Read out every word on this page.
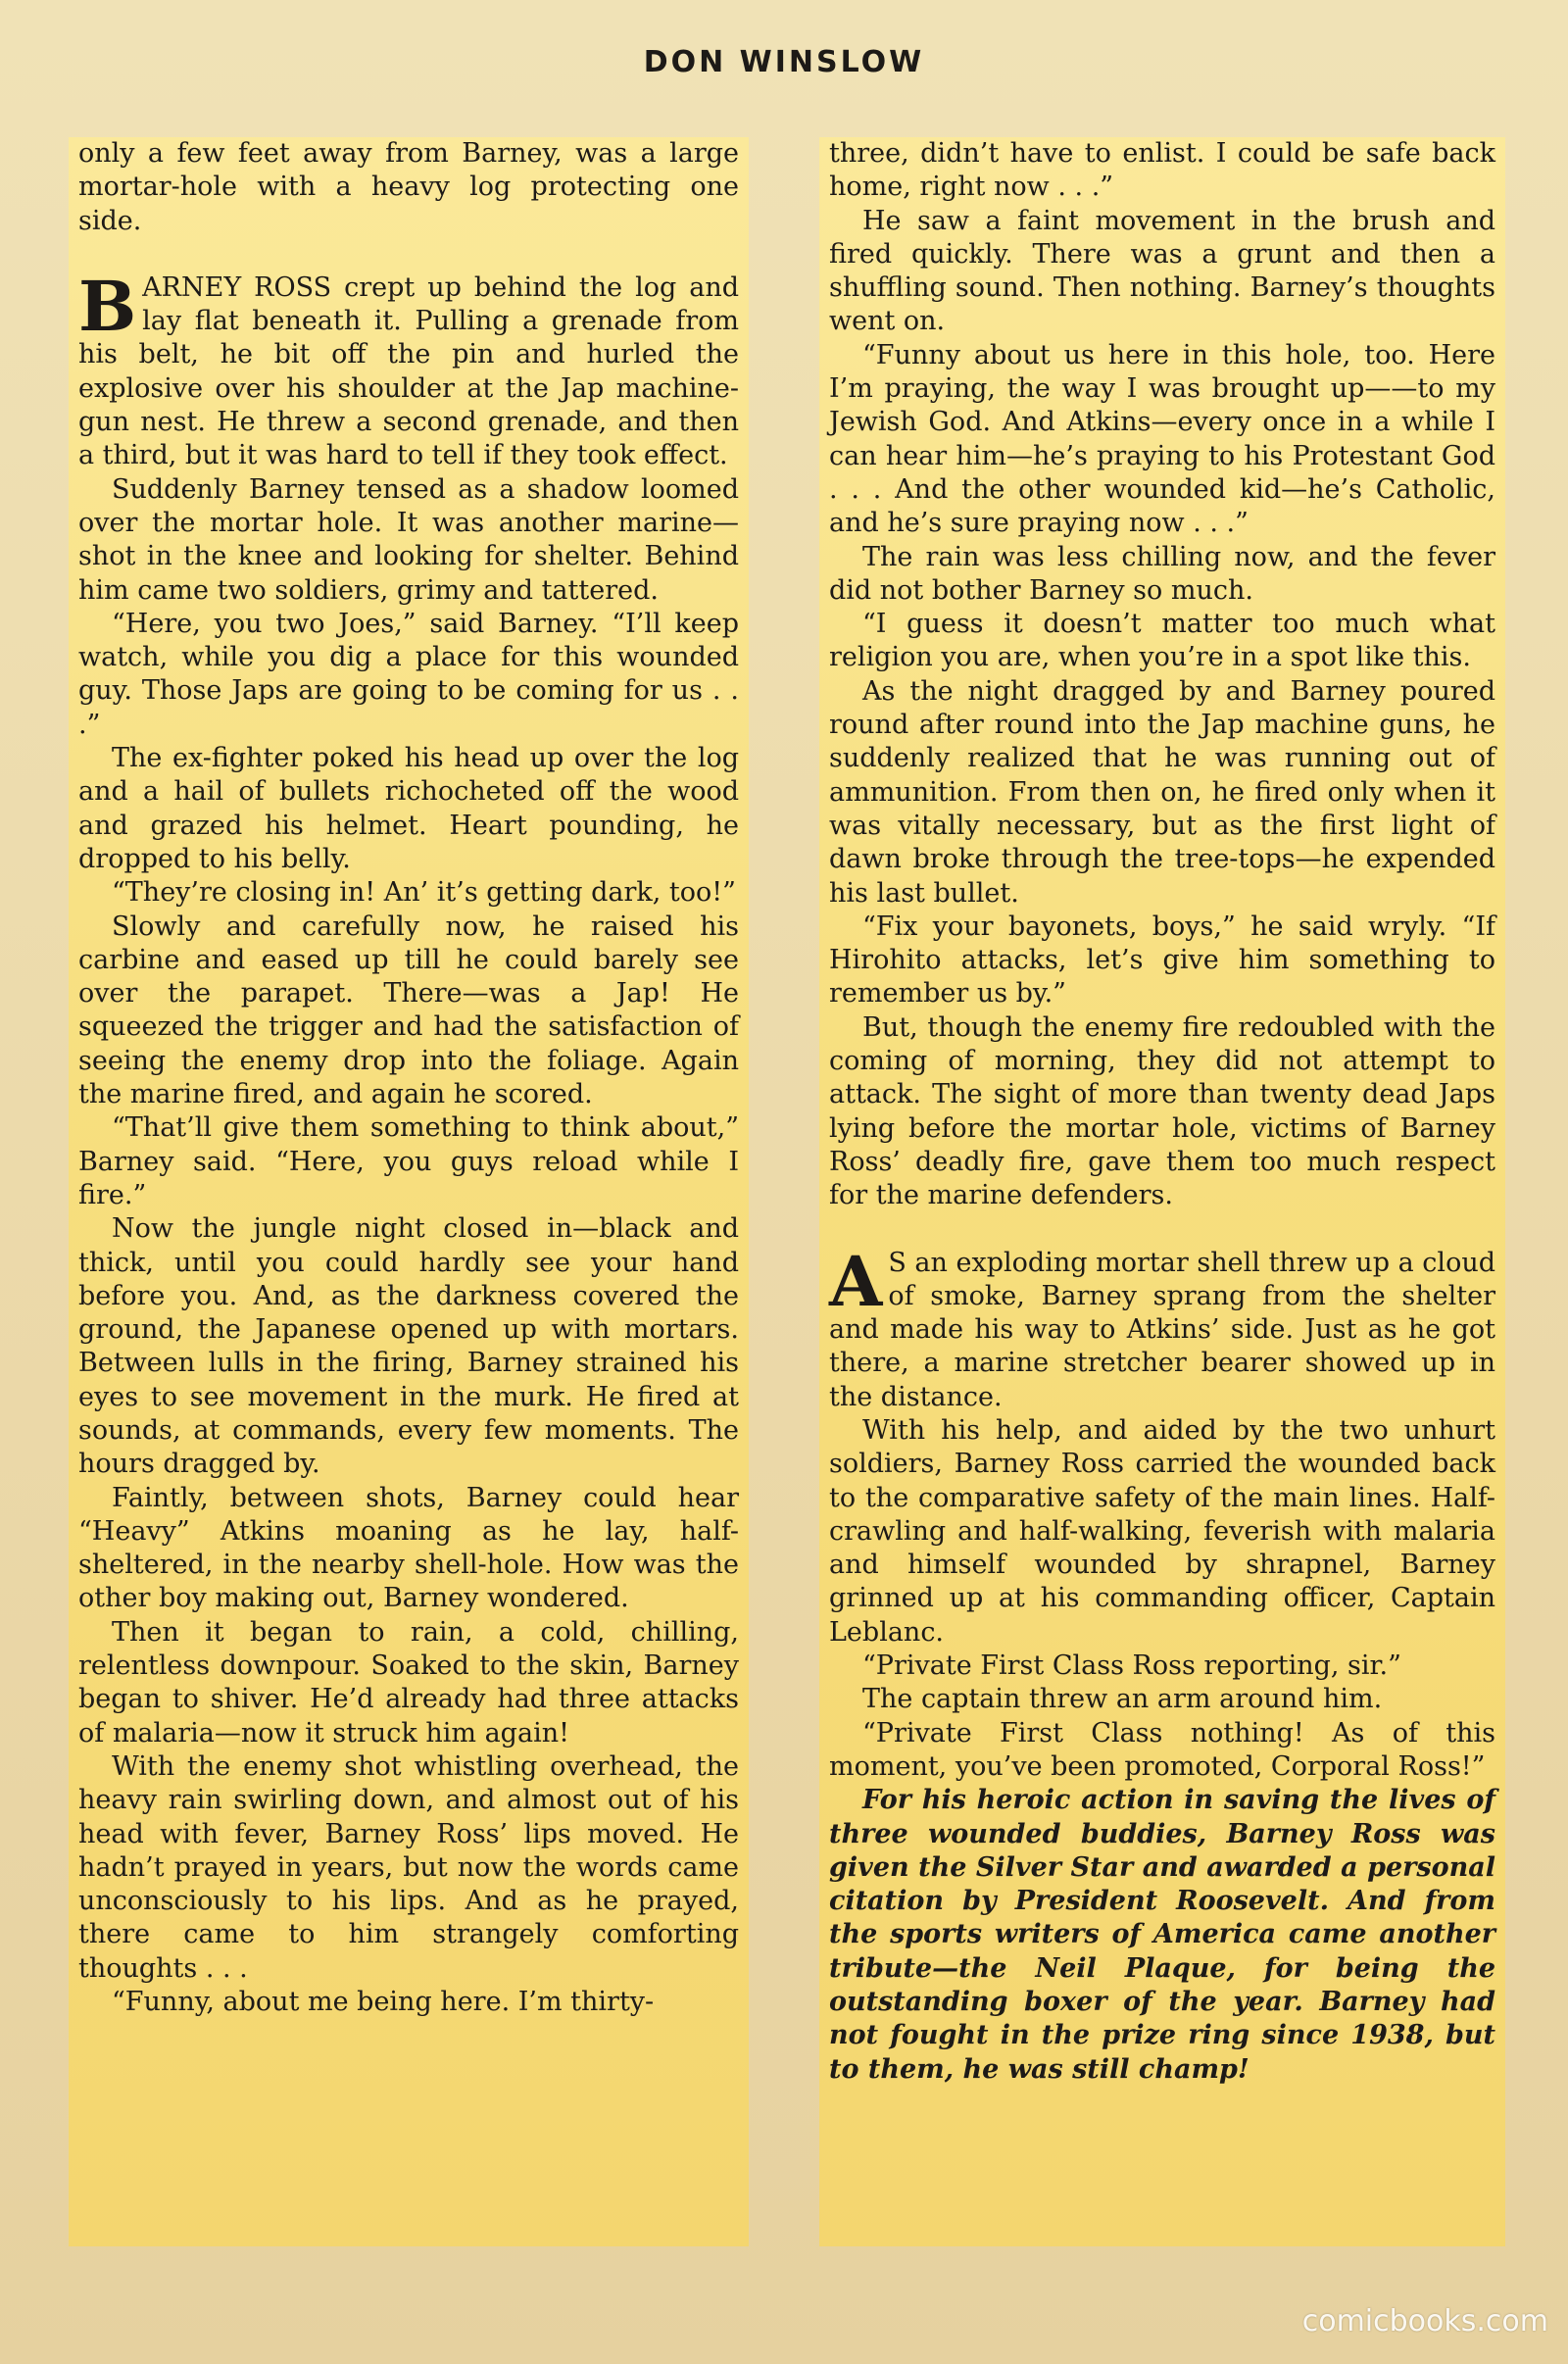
DON WINSLOW

only a few feet away from Barney, was a large mortar-hole with a heavy log protecting one side.

BARNEY ROSS crept up behind the log and lay flat beneath it. Pulling a grenade from his belt, he bit off the pin and hurled the explosive over his shoulder at the Jap machine-gun nest. He threw a second grenade, and then a third, but it was hard to tell if they took effect.

Suddenly Barney tensed as a shadow loomed over the mortar hole. It was another marine—shot in the knee and looking for shelter. Behind him came two soldiers, grimy and tattered.

“Here, you two Joes,” said Barney. “I’ll keep watch, while you dig a place for this wounded guy. Those Japs are going to be coming for us . . .”

The ex-fighter poked his head up over the log and a hail of bullets richocheted off the wood and grazed his helmet. Heart pounding, he dropped to his belly.

“They’re closing in! An’ it’s getting dark, too!”

Slowly and carefully now, he raised his carbine and eased up till he could barely see over the parapet. There—was a Jap! He squeezed the trigger and had the satisfaction of seeing the enemy drop into the foliage. Again the marine fired, and again he scored.

“That’ll give them something to think about,” Barney said. “Here, you guys reload while I fire.”

Now the jungle night closed in—black and thick, until you could hardly see your hand before you. And, as the darkness covered the ground, the Japanese opened up with mortars. Between lulls in the firing, Barney strained his eyes to see movement in the murk. He fired at sounds, at commands, every few moments. The hours dragged by.

Faintly, between shots, Barney could hear “Heavy” Atkins moaning as he lay, half-sheltered, in the nearby shell-hole. How was the other boy making out, Barney wondered.

Then it began to rain, a cold, chilling, relentless downpour. Soaked to the skin, Barney began to shiver. He’d already had three attacks of malaria—now it struck him again!

With the enemy shot whistling overhead, the heavy rain swirling down, and almost out of his head with fever, Barney Ross’ lips moved. He hadn’t prayed in years, but now the words came unconsciously to his lips. And as he prayed, there came to him strangely comforting thoughts . . .

“Funny, about me being here. I’m thirty-

three, didn’t have to enlist. I could be safe back home, right now . . .”

He saw a faint movement in the brush and fired quickly. There was a grunt and then a shuffling sound. Then nothing. Barney’s thoughts went on.

“Funny about us here in this hole, too. Here I’m praying, the way I was brought up——to my Jewish God. And Atkins—every once in a while I can hear him—he’s praying to his Protestant God . . . And the other wounded kid—he’s Catholic, and he’s sure praying now . . .”

The rain was less chilling now, and the fever did not bother Barney so much.

“I guess it doesn’t matter too much what religion you are, when you’re in a spot like this.

As the night dragged by and Barney poured round after round into the Jap machine guns, he suddenly realized that he was running out of ammunition. From then on, he fired only when it was vitally necessary, but as the first light of dawn broke through the tree-tops—he expended his last bullet.

“Fix your bayonets, boys,” he said wryly. “If Hirohito attacks, let’s give him something to remember us by.”

But, though the enemy fire redoubled with the coming of morning, they did not attempt to attack. The sight of more than twenty dead Japs lying before the mortar hole, victims of Barney Ross’ deadly fire, gave them too much respect for the marine defenders.

A S an exploding mortar shell threw up a cloud of smoke, Barney sprang from the shelter and made his way to Atkins’ side. Just as he got there, a marine stretcher bearer showed up in the distance.

With his help, and aided by the two unhurt soldiers, Barney Ross carried the wounded back to the comparative safety of the main lines. Half-crawling and half-walking, feverish with malaria and himself wounded by shrapnel, Barney grinned up at his commanding officer, Captain Leblanc.

“Private First Class Ross reporting, sir.”

The captain threw an arm around him.

“Private First Class nothing! As of this moment, you’ve been promoted, Corporal Ross!”

For his heroic action in saving the lives of three wounded buddies, Barney Ross was given the Silver Star and awarded a personal citation by President Roosevelt. And from the sports writers of America came another tribute—the Neil Plaque, for being the outstanding boxer of the year. Barney had not fought in the prize ring since 1938, but to them, he was still champ!

comicbooks.com
